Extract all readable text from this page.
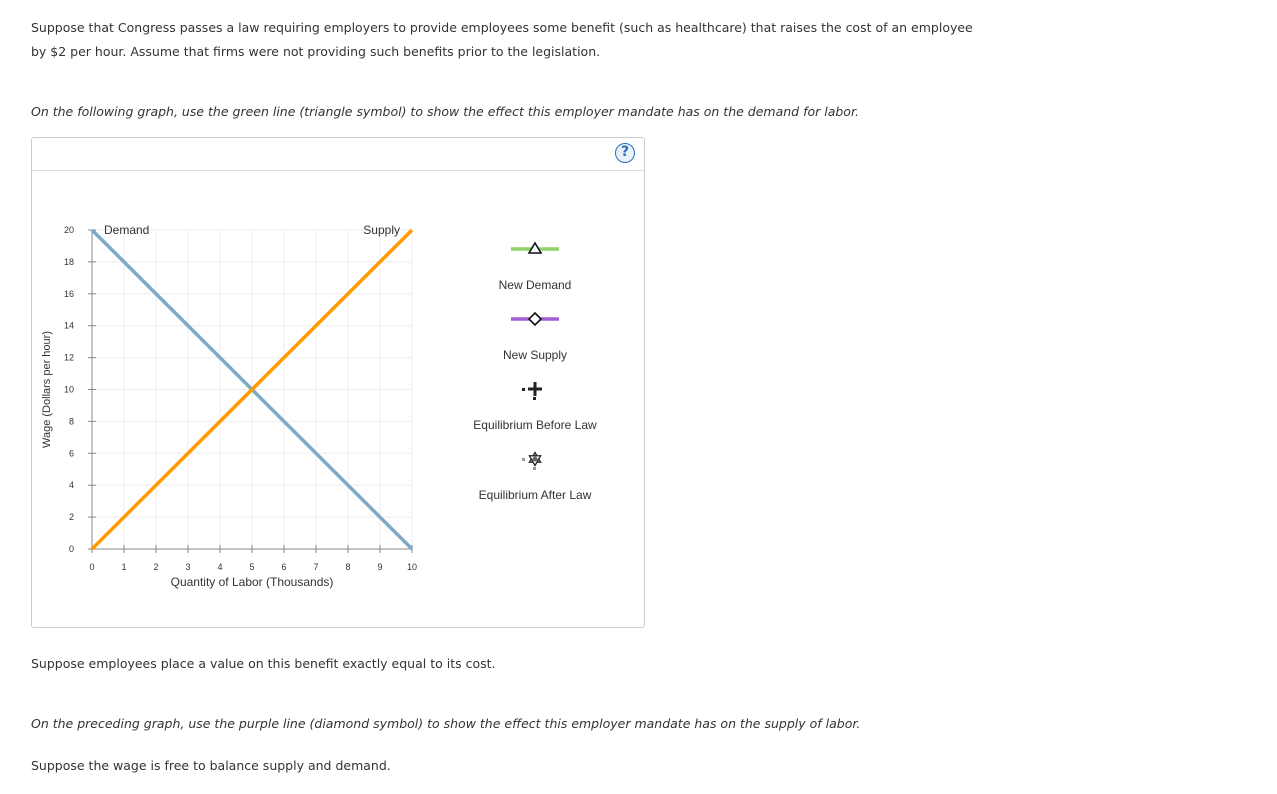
Suppose that Congress passes a law requiring employers to provide employees some benefit (such as healthcare) that raises the cost of an employee

by $2 per hour. Assume that firms were not providing such benefits prior to the legislation.

On the following graph, use the green line (triangle symbol) to show the effect this employer mandate has on the demand for labor.

?
0
2
4
6
8
10
12
14
16
18
20
0	1	2	3	4	5	6	7	8	9	10
Quantity of Labor (Thousands)
Wage (Dollars per hour)
Demand	Supply
New Demand
New Supply
Equilibrium Before Law
Equilibrium After Law

Suppose employees place a value on this benefit exactly equal to its cost.

On the preceding graph, use the purple line (diamond symbol) to show the effect this employer mandate has on the supply of labor.

Suppose the wage is free to balance supply and demand.
